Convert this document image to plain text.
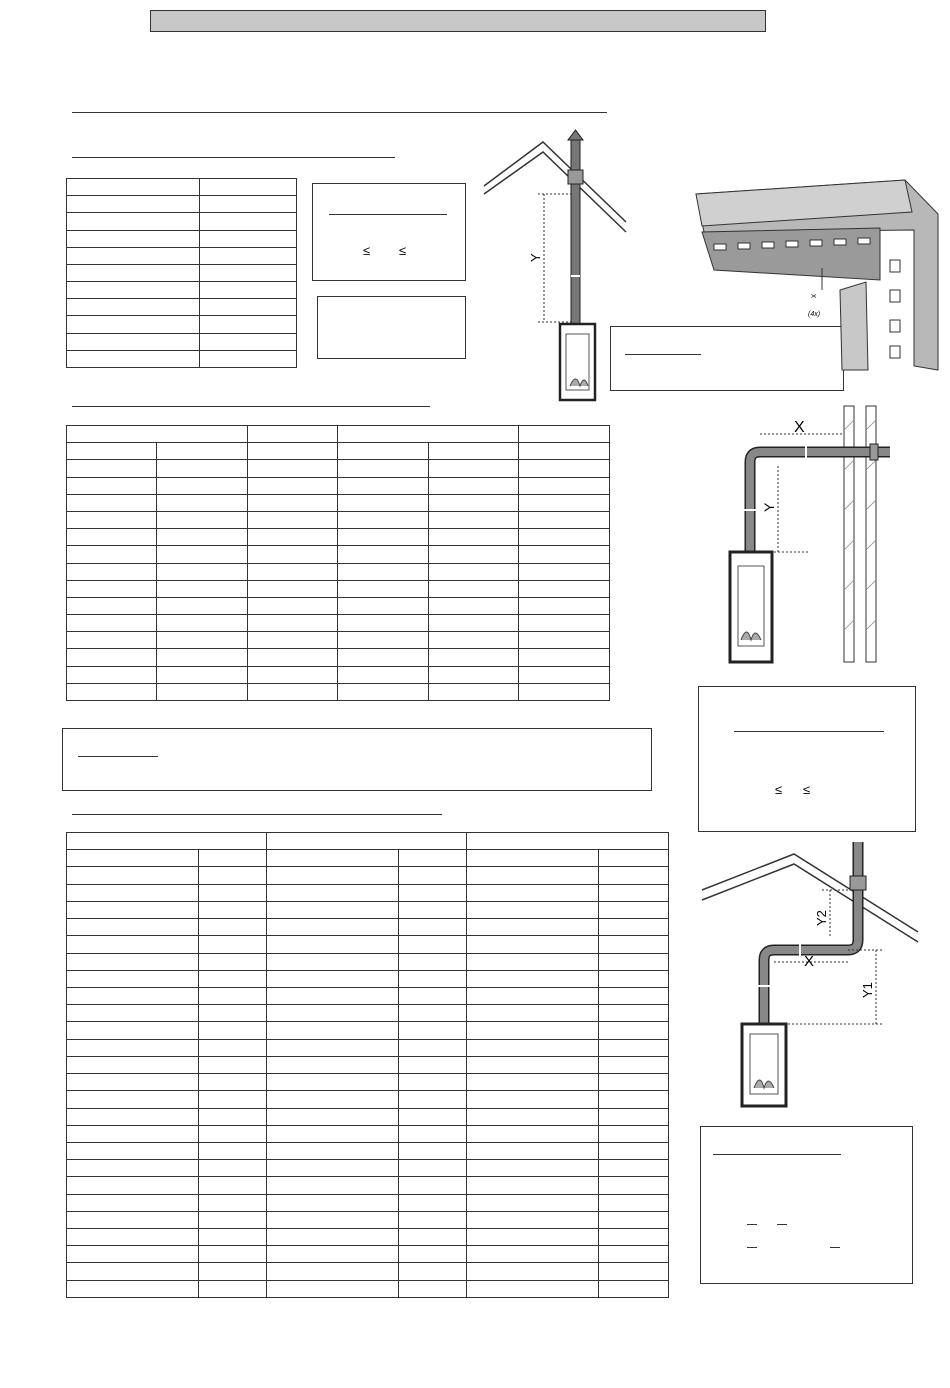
≤ ≤

≤ ≤

Y
x
(4x)
X
Y
X
Y2
Y1
